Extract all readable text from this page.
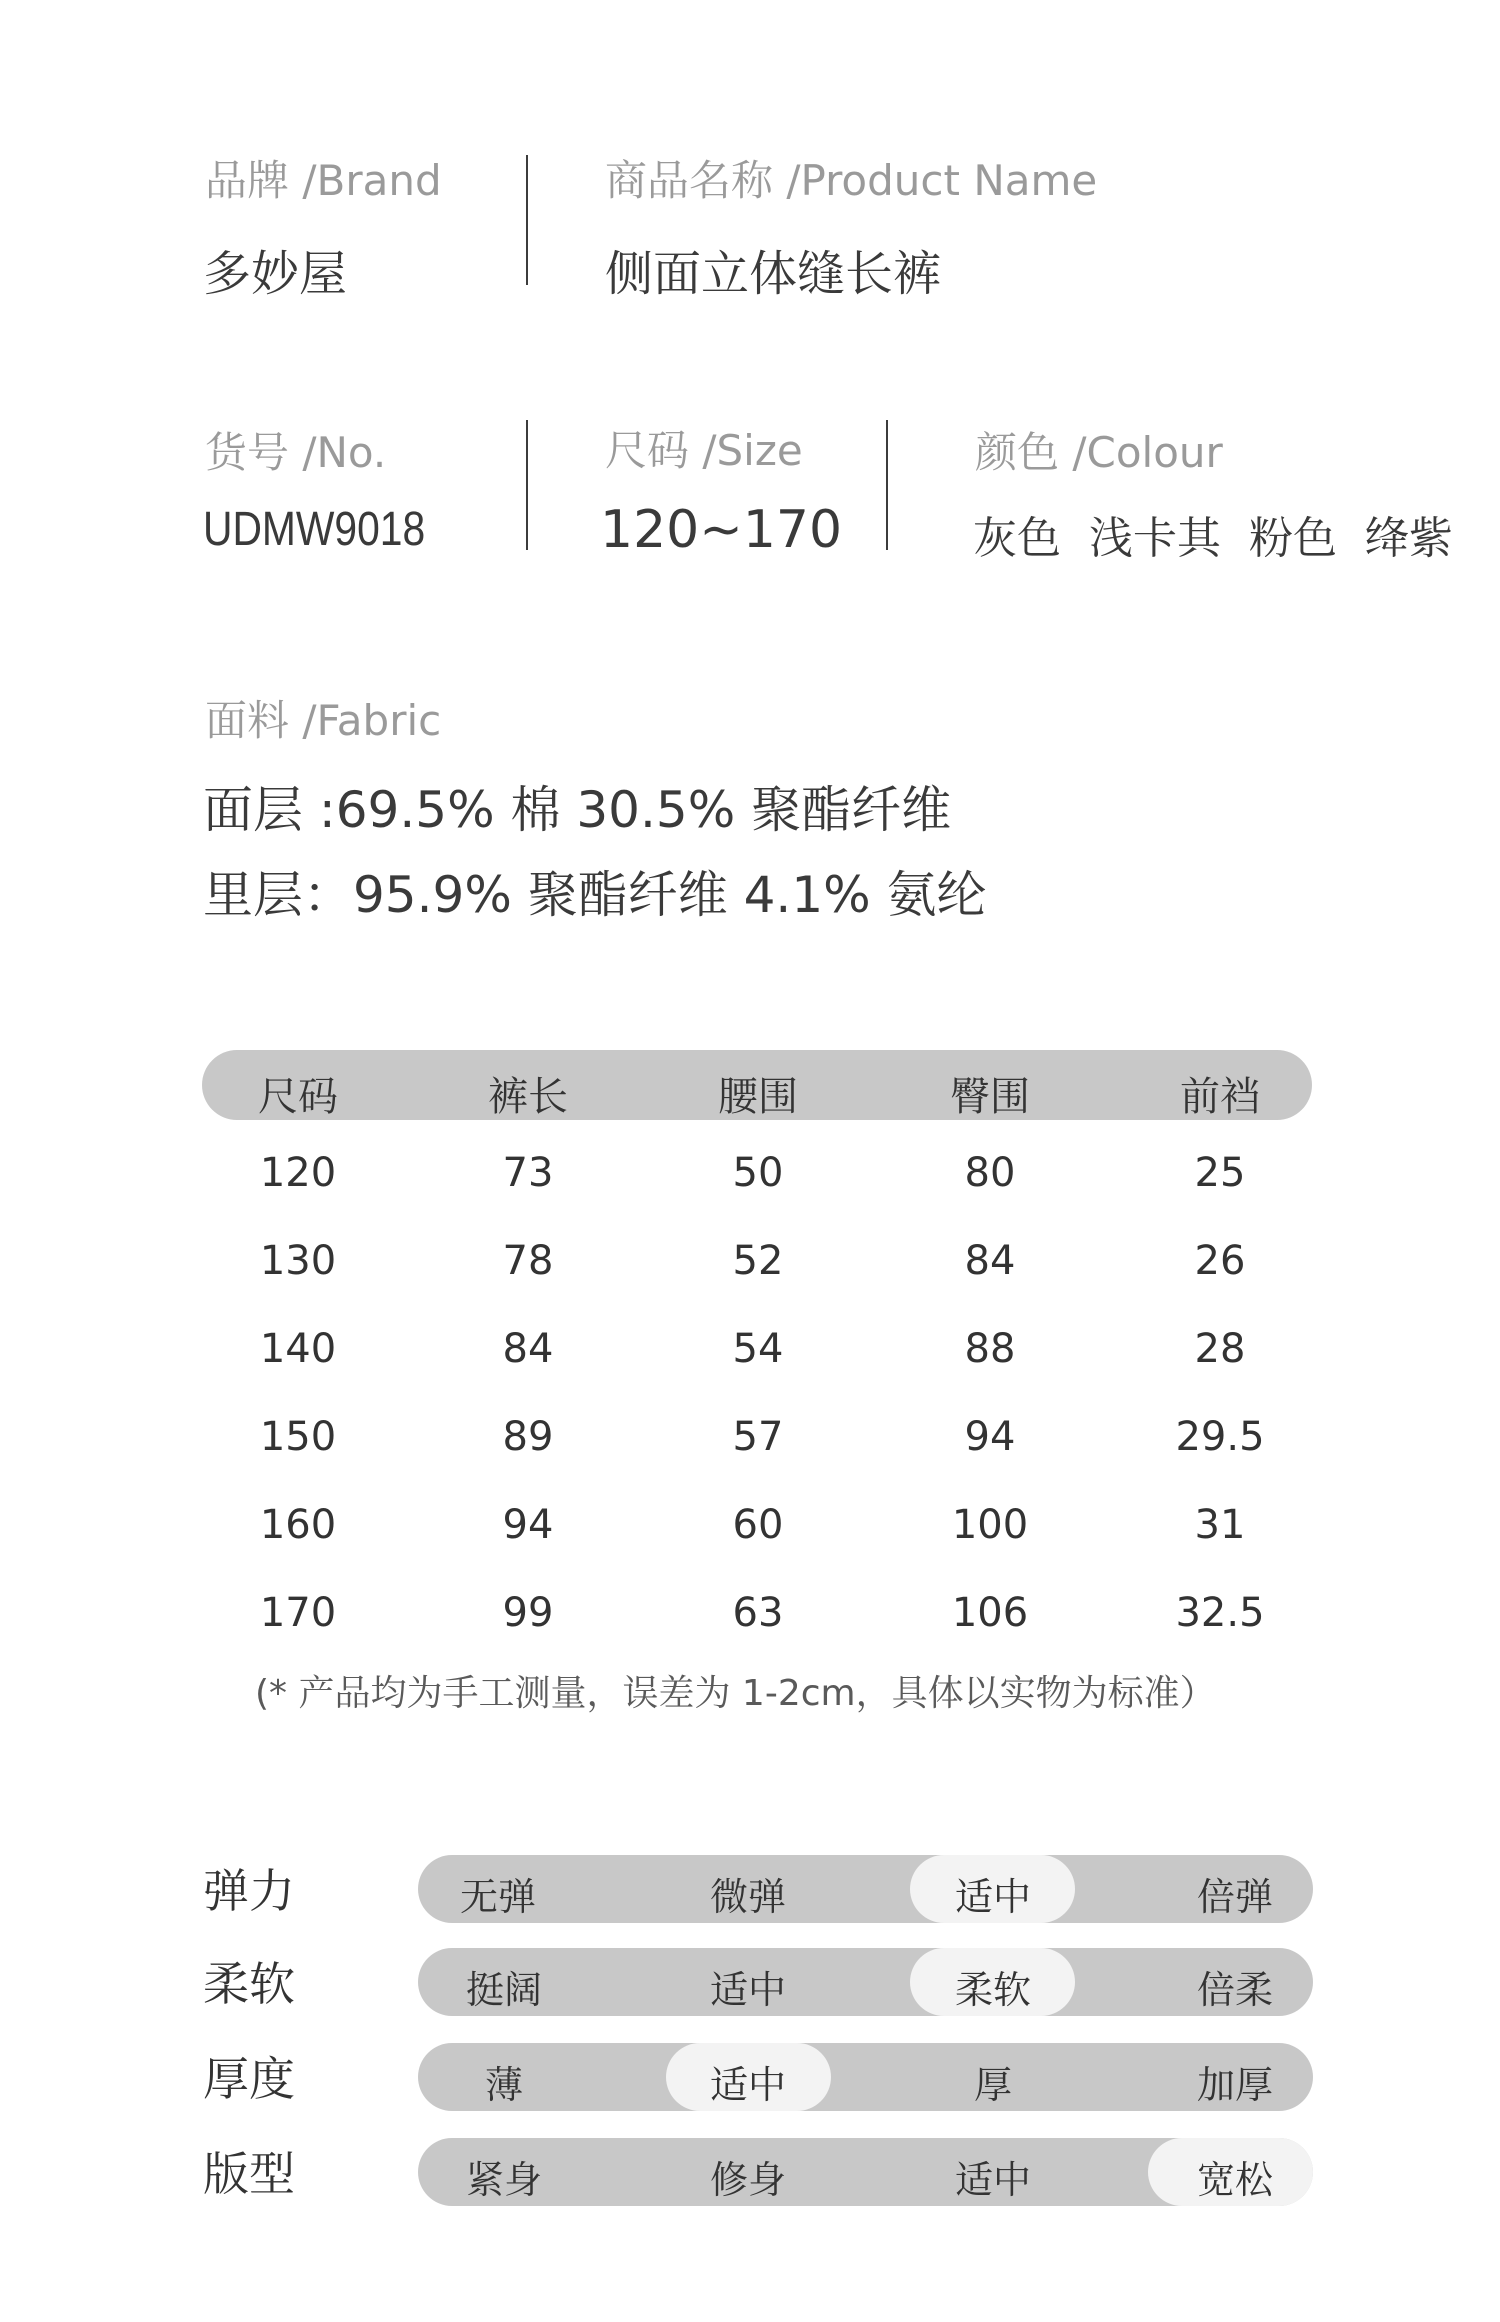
品牌 /Brand
多妙屋
商品名称 /Product Name
侧面立体缝长裤
货号 /No.
UDMW9018
尺码 /Size
120~170
颜色 /Colour
灰色  浅卡其  粉色  绛紫
面料 /Fabric
面层 :69.5% 棉 30.5% 聚酯纤维
里层：95.9% 聚酯纤维 4.1% 氨纶
尺码	裤长	腰围	臀围	前裆
120	73	50	80	25
130	78	52	84	26
140	84	54	88	28
150	89	57	94	29.5
160	94	60	100	31
170	99	63	106	32.5
(* 产品均为手工测量，误差为 1-2cm，具体以实物为标准）
弹力	无弹	微弹	适中	倍弹
柔软	挺阔	适中	柔软	倍柔
厚度	薄	适中	厚	加厚
版型	紧身	修身	适中	宽松
